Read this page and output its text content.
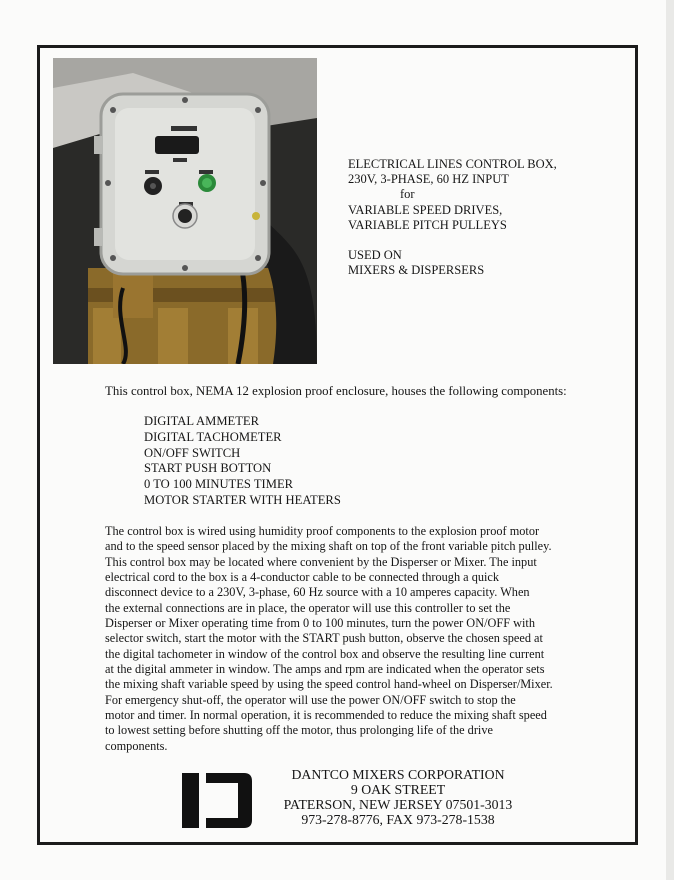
ELECTRICAL LINES CONTROL BOX,
230V, 3-PHASE, 60 HZ INPUT
for
VARIABLE SPEED DRIVES,
VARIABLE PITCH PULLEYS
USED ON
MIXERS & DISPERSERS
This control box, NEMA 12 explosion proof enclosure, houses the following components:
DIGITAL AMMETER
DIGITAL TACHOMETER
ON/OFF SWITCH
START PUSH BOTTON
0 TO 100 MINUTES TIMER
MOTOR STARTER WITH HEATERS
The control box is wired using humidity proof components to the explosion proof motor
and to the speed sensor placed by the mixing shaft on top of the front variable pitch pulley.
This control box may be located where convenient by the Disperser or Mixer. The input
electrical cord to the box is a 4-conductor cable to be connected through a quick
disconnect device to a 230V, 3-phase, 60 Hz source with a 10 amperes capacity. When
the external connections are in place, the operator will use this controller to set the
Disperser or Mixer operating time from 0 to 100 minutes, turn the power ON/OFF with
selector switch, start the motor with the START push button, observe the chosen speed at
the digital tachometer in window of the control box and observe the resulting line current
at the digital ammeter in window. The amps and rpm are indicated when the operator sets
the mixing shaft variable speed by using the speed control hand-wheel on Disperser/Mixer.
For emergency shut-off, the operator will use the power ON/OFF switch to stop the
motor and timer. In normal operation, it is recommended to reduce the mixing shaft speed
to lowest setting before shutting off the motor, thus prolonging life of the drive
components.
DANTCO MIXERS CORPORATION
9 OAK STREET
PATERSON, NEW JERSEY 07501-3013
973-278-8776, FAX 973-278-1538
